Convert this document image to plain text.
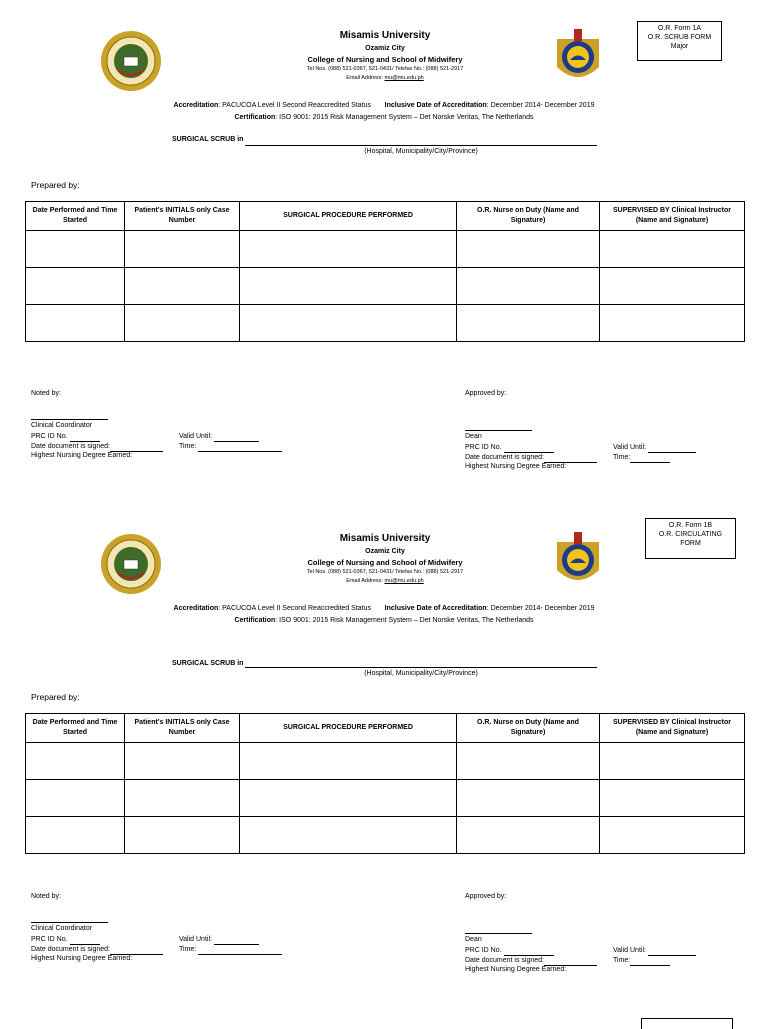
O.R. Form 1A
O.R. SCRUB FORM
Major
Misamis University
Ozamiz City
College of Nursing and School of Midwifery
Tel Nos. (088) 521-0367, 521-0431/ Telefax No.: (088) 521-2917
Email Address: mu@mu.edu.ph
Accreditation: PACUCOA Level II Second Reaccredited Status Inclusive Date of Accreditation: December 2014- December 2019
Certification: ISO 9001: 2015 Risk Management System – Det Norske Veritas, The Netherlands
SURGICAL SCRUB in
(Hospital, Municipality/City/Province)
Prepared by:
Date Performed and Time Started	Patient’s INITIALS only Case Number	SURGICAL PROCEDURE PERFORMED	O.R. Nurse on Duty (Name and Signature)	SUPERVISED BY Clinical Instructor (Name and Signature)

Noted by:
Clinical Coordinator
PRC ID No.	Valid Until:
Date document is signed:	Time:
Highest Nursing Degree Earned:
Approved by:
Dean
PRC ID No.	Valid Until:
Date document is signed:	Time:
Highest Nursing Degree Earned:
O.R. Form 1B
O.R. CIRCULATING
FORM
Misamis University
Ozamiz City
College of Nursing and School of Midwifery
Tel Nos. (088) 521-0367, 521-0431/ Telefax No.: (088) 521-2917
Email Address: mu@mu.edu.ph
Accreditation: PACUCOA Level II Second Reaccredited Status Inclusive Date of Accreditation: December 2014- December 2019
Certification: ISO 9001: 2015 Risk Management System – Det Norske Veritas, The Netherlands
SURGICAL SCRUB in
(Hospital, Municipality/City/Province)
Prepared by:
Date Performed and Time Started	Patient’s INITIALS only Case Number	SURGICAL PROCEDURE PERFORMED	O.R. Nurse on Duty (Name and Signature)	SUPERVISED BY Clinical Instructor (Name and Signature)

Noted by:
Clinical Coordinator
PRC ID No.	Valid Until:
Date document is signed:	Time:
Highest Nursing Degree Earned:
Approved by:
Dean
PRC ID No.	Valid Until:
Date document is signed:	Time:
Highest Nursing Degree Earned:
